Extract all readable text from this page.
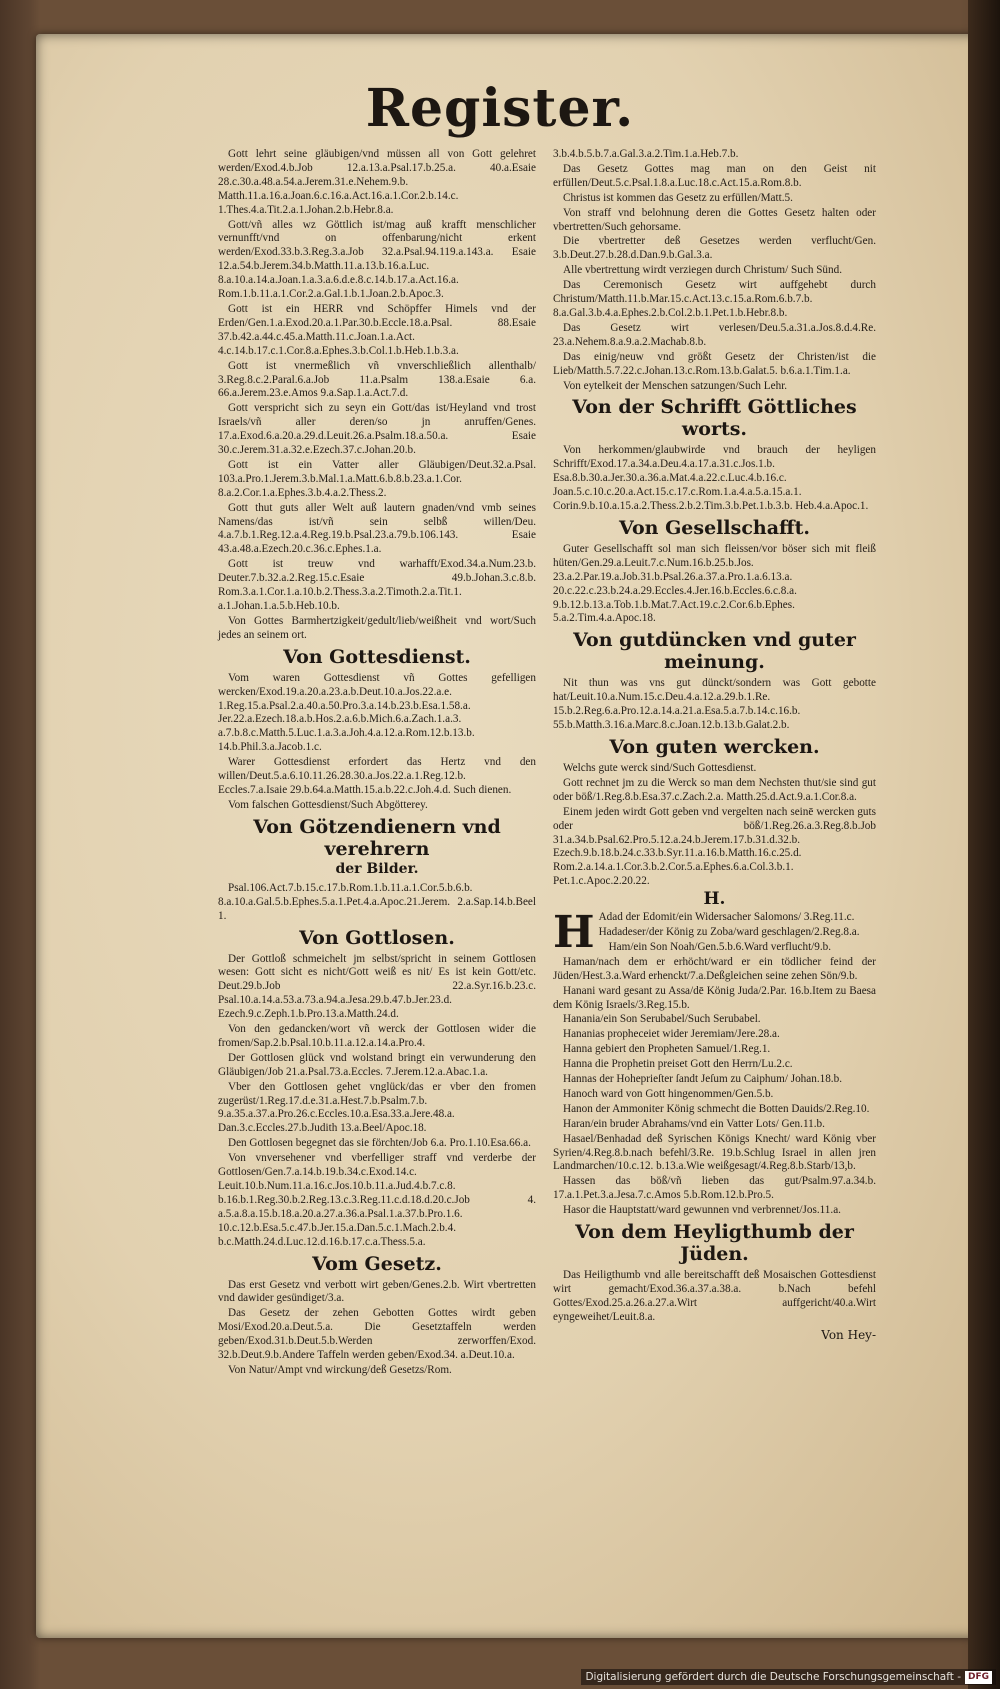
Register.

Gott lehrt seine gläubigen/vnd müssen all von Gott gelehret werden/Exod.4.b.Job 12.a.13.a.Psal.17.b.25.a. 40.a.Esaie 28.c.30.a.48.a.54.a.Jerem.31.e.Nehem.9.b. Matth.11.a.16.a.Joan.6.c.16.a.Act.16.a.1.Cor.2.b.14.c. 1.Thes.4.a.Tit.2.a.1.Johan.2.b.Hebr.8.a.

Gott/vñ alles wz Göttlich ist/mag auß krafft menschlicher vernunfft/vnd on offenbarung/nicht erkent werden/Exod.33.b.3.Reg.3.a.Job 32.a.Psal.94.119.a.143.a. Esaie 12.a.54.b.Jerem.34.b.Matth.11.a.13.b.16.a.Luc. 8.a.10.a.14.a.Joan.1.a.3.a.6.d.e.8.c.14.b.17.a.Act.16.a. Rom.1.b.11.a.1.Cor.2.a.Gal.1.b.1.Joan.2.b.Apoc.3.

Gott ist ein HERR vnd Schöpffer Himels vnd der Erden/Gen.1.a.Exod.20.a.1.Par.30.b.Eccle.18.a.Psal. 88.Esaie 37.b.42.a.44.c.45.a.Matth.11.c.Joan.1.a.Act. 4.c.14.b.17.c.1.Cor.8.a.Ephes.3.b.Col.1.b.Heb.1.b.3.a.

Gott ist vnermeßlich vñ vnverschließlich allenthalb/ 3.Reg.8.c.2.Paral.6.a.Job 11.a.Psalm 138.a.Esaie 6.a. 66.a.Jerem.23.e.Amos 9.a.Sap.1.a.Act.7.d.

Gott verspricht sich zu seyn ein Gott/das ist/Heyland vnd trost Israels/vñ aller deren/so jn anruffen/Genes. 17.a.Exod.6.a.20.a.29.d.Leuit.26.a.Psalm.18.a.50.a. Esaie 30.c.Jerem.31.a.32.e.Ezech.37.c.Johan.20.b.

Gott ist ein Vatter aller Gläubigen/Deut.32.a.Psal. 103.a.Pro.1.Jerem.3.b.Mal.1.a.Matt.6.b.8.b.23.a.1.Cor. 8.a.2.Cor.1.a.Ephes.3.b.4.a.2.Thess.2.

Gott thut guts aller Welt auß lautern gnaden/vnd vmb seines Namens/das ist/vñ sein selbß willen/Deu. 4.a.7.b.1.Reg.12.a.4.Reg.19.b.Psal.23.a.79.b.106.143. Esaie 43.a.48.a.Ezech.20.c.36.c.Ephes.1.a.

Gott ist treuw vnd warhafft/Exod.34.a.Num.23.b. Deuter.7.b.32.a.2.Reg.15.c.Esaie 49.b.Johan.3.c.8.b. Rom.3.a.1.Cor.1.a.10.b.2.Thess.3.a.2.Timoth.2.a.Tit.1. a.1.Johan.1.a.5.b.Heb.10.b.

Von Gottes Barmhertzigkeit/gedult/lieb/weißheit vnd wort/Such jedes an seinem ort.

Von Gottesdienst.

Vom waren Gottesdienst vñ Gottes gefelligen wercken/Exod.19.a.20.a.23.a.b.Deut.10.a.Jos.22.a.e. 1.Reg.15.a.Psal.2.a.40.a.50.Pro.3.a.14.b.23.b.Esa.1.58.a. Jer.22.a.Ezech.18.a.b.Hos.2.a.6.b.Mich.6.a.Zach.1.a.3. a.7.b.8.c.Matth.5.Luc.1.a.3.a.Joh.4.a.12.a.Rom.12.b.13.b. 14.b.Phil.3.a.Jacob.1.c.

Warer Gottesdienst erfordert das Hertz vnd den willen/Deut.5.a.6.10.11.26.28.30.a.Jos.22.a.1.Reg.12.b. Eccles.7.a.Isaie 29.b.64.a.Matth.15.a.b.22.c.Joh.4.d. Such dienen.

Vom falschen Gottesdienst/Such Abgötterey.

Von Götzendienern vnd verehrern
der Bilder.

Psal.106.Act.7.b.15.c.17.b.Rom.1.b.11.a.1.Cor.5.b.6.b. 8.a.10.a.Gal.5.b.Ephes.5.a.1.Pet.4.a.Apoc.21.Jerem. 2.a.Sap.14.b.Beel 1.

Von Gottlosen.

Der Gottloß schmeichelt jm selbst/spricht in seinem Gottlosen wesen: Gott sicht es nicht/Gott weiß es nit/ Es ist kein Gott/etc. Deut.29.b.Job 22.a.Syr.16.b.23.c. Psal.10.a.14.a.53.a.73.a.94.a.Jesa.29.b.47.b.Jer.23.d. Ezech.9.c.Zeph.1.b.Pro.13.a.Matth.24.d.

Von den gedancken/wort vñ werck der Gottlosen wider die fromen/Sap.2.b.Psal.10.b.11.a.12.a.14.a.Pro.4.

Der Gottlosen glück vnd wolstand bringt ein verwunderung den Gläubigen/Job 21.a.Psal.73.a.Eccles. 7.Jerem.12.a.Abac.1.a.

Vber den Gottlosen gehet vnglück/das er vber den fromen zugerüst/1.Reg.17.d.e.31.a.Hest.7.b.Psalm.7.b. 9.a.35.a.37.a.Pro.26.c.Eccles.10.a.Esa.33.a.Jere.48.a. Dan.3.c.Eccles.27.b.Judith 13.a.Beel/Apoc.18.

Den Gottlosen begegnet das sie förchten/Job 6.a. Pro.1.10.Esa.66.a.

Von vnversehener vnd vberfelliger straff vnd verderbe der Gottlosen/Gen.7.a.14.b.19.b.34.c.Exod.14.c. Leuit.10.b.Num.11.a.16.c.Jos.10.b.11.a.Jud.4.b.7.c.8. b.16.b.1.Reg.30.b.2.Reg.13.c.3.Reg.11.c.d.18.d.20.c.Job 4. a.5.a.8.a.15.b.18.a.20.a.27.a.36.a.Psal.1.a.37.b.Pro.1.6. 10.c.12.b.Esa.5.c.47.b.Jer.15.a.Dan.5.c.1.Mach.2.b.4. b.c.Matth.24.d.Luc.12.d.16.b.17.c.a.Thess.5.a.

Vom Gesetz.

Das erst Gesetz vnd verbott wirt geben/Genes.2.b. Wirt vbertretten vnd dawider gesündiget/3.a.

Das Gesetz der zehen Gebotten Gottes wirdt geben Mosi/Exod.20.a.Deut.5.a. Die Gesetztaffeln werden geben/Exod.31.b.Deut.5.b.Werden zerworffen/Exod. 32.b.Deut.9.b.Andere Taffeln werden geben/Exod.34. a.Deut.10.a.

Von Natur/Ampt vnd wirckung/deß Gesetzs/Rom.

3.b.4.b.5.b.7.a.Gal.3.a.2.Tim.1.a.Heb.7.b.

Das Gesetz Gottes mag man on den Geist nit erfüllen/Deut.5.c.Psal.1.8.a.Luc.18.c.Act.15.a.Rom.8.b.

Christus ist kommen das Gesetz zu erfüllen/Matt.5.

Von straff vnd belohnung deren die Gottes Gesetz halten oder vbertretten/Such gehorsame.

Die vbertretter deß Gesetzes werden verflucht/Gen. 3.b.Deut.27.b.28.d.Dan.9.b.Gal.3.a.

Alle vbertrettung wirdt verziegen durch Christum/ Such Sünd.

Das Ceremonisch Gesetz wirt auffgehebt durch Christum/Matth.11.b.Mar.15.c.Act.13.c.15.a.Rom.6.b.7.b. 8.a.Gal.3.b.4.a.Ephes.2.b.Col.2.b.1.Pet.1.b.Hebr.8.b.

Das Gesetz wirt verlesen/Deu.5.a.31.a.Jos.8.d.4.Re. 23.a.Nehem.8.a.9.a.2.Machab.8.b.

Das einig/neuw vnd größt Gesetz der Christen/ist die Lieb/Matth.5.7.22.c.Johan.13.c.Rom.13.b.Galat.5. b.6.a.1.Tim.1.a.

Von eytelkeit der Menschen satzungen/Such Lehr.

Von der Schrifft Göttliches worts.

Von herkommen/glaubwirde vnd brauch der heyligen Schrifft/Exod.17.a.34.a.Deu.4.a.17.a.31.c.Jos.1.b. Esa.8.b.30.a.Jer.30.a.36.a.Mat.4.a.22.c.Luc.4.b.16.c. Joan.5.c.10.c.20.a.Act.15.c.17.c.Rom.1.a.4.a.5.a.15.a.1. Corin.9.b.10.a.15.a.2.Thess.2.b.2.Tim.3.b.Pet.1.b.3.b. Heb.4.a.Apoc.1.

Von Gesellschafft.

Guter Gesellschafft sol man sich fleissen/vor böser sich mit fleiß hüten/Gen.29.a.Leuit.7.c.Num.16.b.25.b.Jos. 23.a.2.Par.19.a.Job.31.b.Psal.26.a.37.a.Pro.1.a.6.13.a. 20.c.22.c.23.b.24.a.29.Eccles.4.Jer.16.b.Eccles.6.c.8.a. 9.b.12.b.13.a.Tob.1.b.Mat.7.Act.19.c.2.Cor.6.b.Ephes. 5.a.2.Tim.4.a.Apoc.18.

Von gutdüncken vnd guter meinung.

Nit thun was vns gut dünckt/sondern was Gott gebotte hat/Leuit.10.a.Num.15.c.Deu.4.a.12.a.29.b.1.Re. 15.b.2.Reg.6.a.Pro.12.a.14.a.21.a.Esa.5.a.7.b.14.c.16.b. 55.b.Matth.3.16.a.Marc.8.c.Joan.12.b.13.b.Galat.2.b.

Von guten wercken.

Welchs gute werck sind/Such Gottesdienst.

Gott rechnet jm zu die Werck so man dem Nechsten thut/sie sind gut oder böß/1.Reg.8.b.Esa.37.c.Zach.2.a. Matth.25.d.Act.9.a.1.Cor.8.a.

Einem jeden wirdt Gott geben vnd vergelten nach seinē wercken guts oder böß/1.Reg.26.a.3.Reg.8.b.Job 31.a.34.b.Psal.62.Pro.5.12.a.24.b.Jerem.17.b.31.d.32.b. Ezech.9.b.18.b.24.c.33.b.Syr.11.a.16.b.Matth.16.c.25.d. Rom.2.a.14.a.1.Cor.3.b.2.Cor.5.a.Ephes.6.a.Col.3.b.1. Pet.1.c.Apoc.2.20.22.

H.

H Adad der Edomit/ein Widersacher Salomons/ 3.Reg.11.c.

Hadadeser/der König zu Zoba/ward geschlagen/2.Reg.8.a.

Ham/ein Son Noah/Gen.5.b.6.Ward verflucht/9.b.

Haman/nach dem er erhöcht/ward er ein tödlicher feind der Jüden/Hest.3.a.Ward erhenckt/7.a.Deßgleichen seine zehen Sön/9.b.

Hanani ward gesant zu Assa/dē König Juda/2.Par. 16.b.Item zu Baesa dem König Israels/3.Reg.15.b.

Hanania/ein Son Serubabel/Such Serubabel.

Hananias propheceiet wider Jeremiam/Jere.28.a.

Hanna gebiert den Propheten Samuel/1.Reg.1.

Hanna die Prophetin preiset Gott den Herrn/Lu.2.c.

Hannas der Hoheprieſter ſandt Jeſum zu Caiphum/ Johan.18.b.

Hanoch ward von Gott hingenommen/Gen.5.b.

Hanon der Ammoniter König schmecht die Botten Dauids/2.Reg.10.

Haran/ein bruder Abrahams/vnd ein Vatter Lots/ Gen.11.b.

Hasael/Benhadad deß Syrischen Königs Knecht/ ward König vber Syrien/4.Reg.8.b.nach befehl/3.Re. 19.b.Schlug Israel in allen jren Landmarchen/10.c.12. b.13.a.Wie weißgesagt/4.Reg.8.b.Starb/13,b.

Hassen das böß/vñ lieben das gut/Psalm.97.a.34.b. 17.a.1.Pet.3.a.Jesa.7.c.Amos 5.b.Rom.12.b.Pro.5.

Hasor die Hauptstatt/ward gewunnen vnd verbrennet/Jos.11.a.

Von dem Heyligthumb der Jüden.

Das Heiligthumb vnd alle bereitschafft deß Mosaischen Gottesdienst wirt gemacht/Exod.36.a.37.a.38.a. b.Nach befehl Gottes/Exod.25.a.26.a.27.a.Wirt auffgericht/40.a.Wirt eyngeweihet/Leuit.8.a.

Von Hey-
Digitalisierung gefördert durch die Deutsche Forschungsgemeinschaft - DFG
